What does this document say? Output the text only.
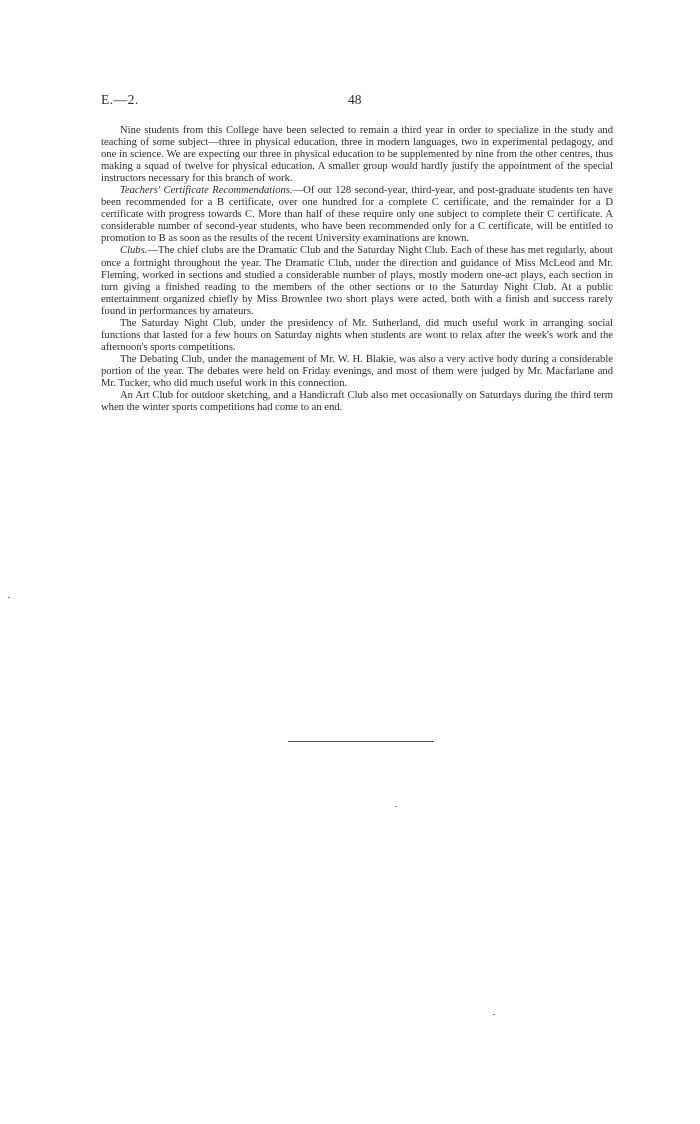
E.—2.	48

Nine students from this College have been selected to remain a third year in order to specialize in the study and teaching of some subject—three in physical education, three in modern languages, two in experimental pedagogy, and one in science. We are expecting our three in physical education to be supplemented by nine from the other centres, thus making a squad of twelve for physical education. A smaller group would hardly justify the appointment of the special instructors necessary for this branch of work.

Teachers' Certificate Recommendations.—Of our 128 second-year, third-year, and post-graduate students ten have been recommended for a B certificate, over one hundred for a complete C certificate, and the remainder for a D certificate with progress towards C. More than half of these require only one subject to complete their C certificate. A considerable number of second-year students, who have been recommended only for a C certificate, will be entitled to promotion to B as soon as the results of the recent University examinations are known.

Clubs.—The chief clubs are the Dramatic Club and the Saturday Night Club. Each of these has met regularly, about once a fortnight throughout the year. The Dramatic Club, under the direction and guidance of Miss McLeod and Mr. Fleming, worked in sections and studied a considerable number of plays, mostly modern one-act plays, each section in turn giving a finished reading to the members of the other sections or to the Saturday Night Club. At a public entertainment organized chiefly by Miss Brownlee two short plays were acted, both with a finish and success rarely found in performances by amateurs.

The Saturday Night Club, under the presidency of Mr. Sutherland, did much useful work in arranging social functions that lasted for a few hours on Saturday nights when students are wont to relax after the week's work and the afternoon's sports competitions.

The Debating Club, under the management of Mr. W. H. Blakie, was also a very active body during a considerable portion of the year. The debates were held on Friday evenings, and most of them were judged by Mr. Macfarlane and Mr. Tucker, who did much useful work in this connection.

An Art Club for outdoor sketching, and a Handicraft Club also met occasionally on Saturdays during the third term when the winter sports competitions had come to an end.
